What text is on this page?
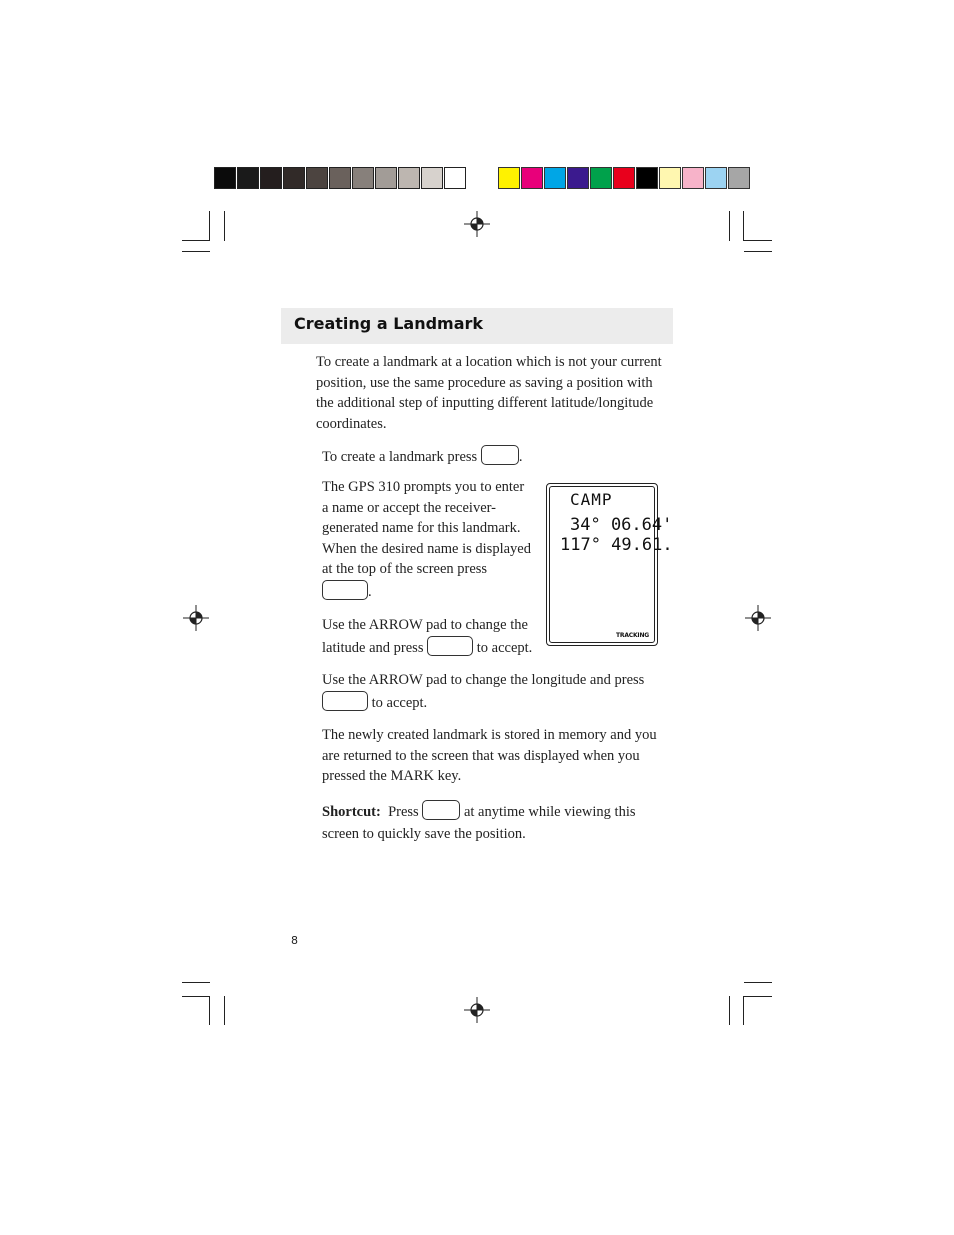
Creating a Landmark
To create a landmark at a location which is not your current position, use the same procedure as saving a position with the additional step of inputting different latitude/longitude coordinates.
To create a landmark press	.
The GPS 310 prompts you to enter a name or accept the receiver-generated name for this landmark. When the desired name is displayed at the top of the screen press .
Use the ARROW pad to change the latitude and press	to accept.
Use the ARROW pad to change the longitude and press  to accept.
The newly created landmark is stored in memory and you are returned to the screen that was displayed when you pressed the MARK key.
Shortcut: Press	at anytime while viewing this screen to quickly save the position.
CAMP
34° 06.64'
117° 49.61.
TRACKING
8
